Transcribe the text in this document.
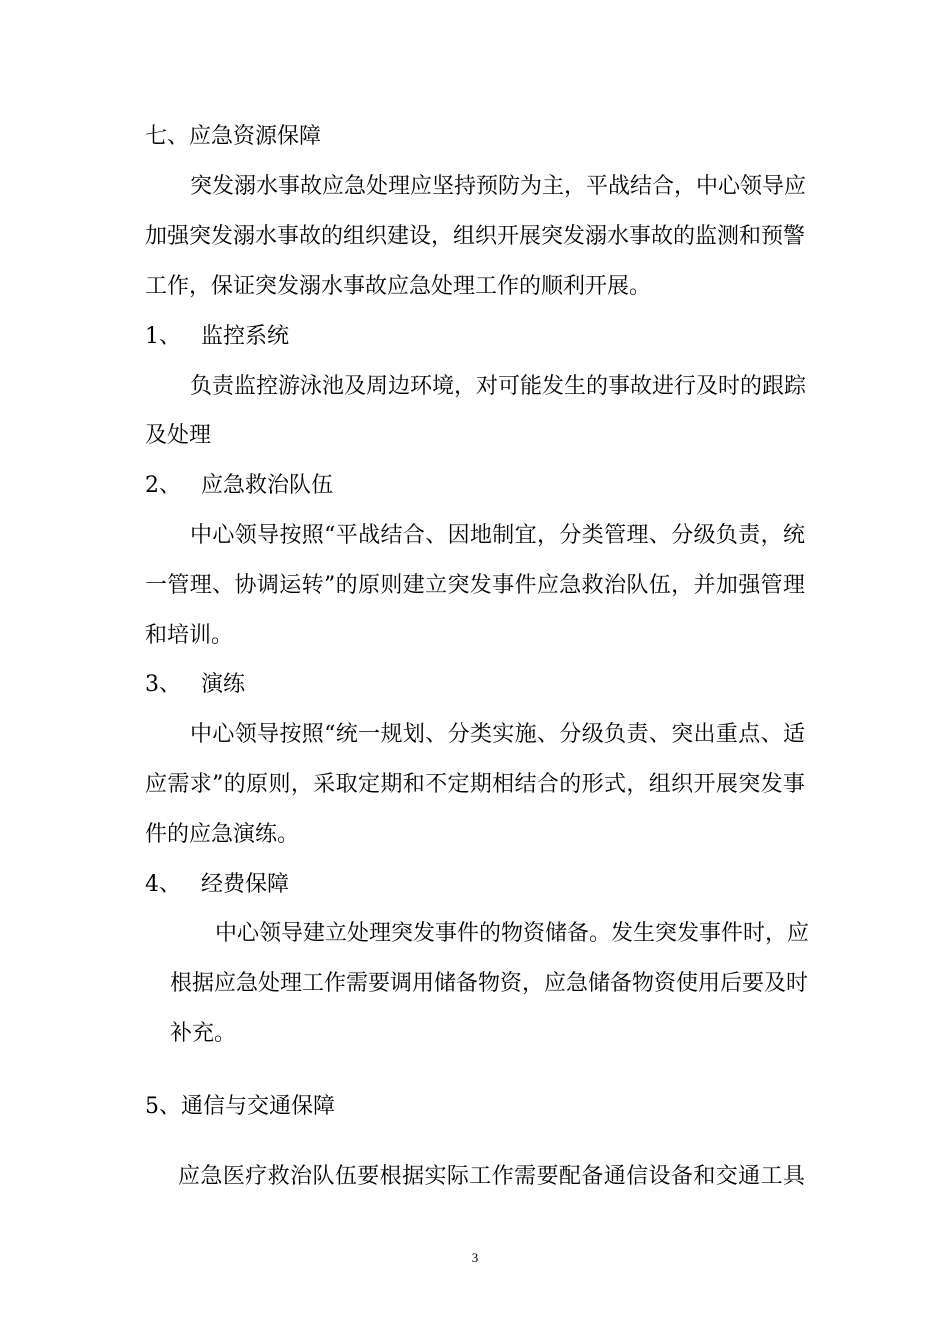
七、应急资源保障
突发溺水事故应急处理应坚持预防为主，平战结合，中心领导应
加强突发溺水事故的组织建设，组织开展突发溺水事故的监测和预警
工作，保证突发溺水事故应急处理工作的顺利开展。
1、 监控系统
负责监控游泳池及周边环境，对可能发生的事故进行及时的跟踪
及处理
2、 应急救治队伍
中心领导按照“平战结合、因地制宜，分类管理、分级负责，统
一管理、协调运转”的原则建立突发事件应急救治队伍，并加强管理
和培训。
3、 演练
中心领导按照“统一规划、分类实施、分级负责、突出重点、适
应需求”的原则，采取定期和不定期相结合的形式，组织开展突发事
件的应急演练。
4、 经费保障
中心领导建立处理突发事件的物资储备。发生突发事件时，应
根据应急处理工作需要调用储备物资，应急储备物资使用后要及时
补充。
5、通信与交通保障
应急医疗救治队伍要根据实际工作需要配备通信设备和交通工具
3
